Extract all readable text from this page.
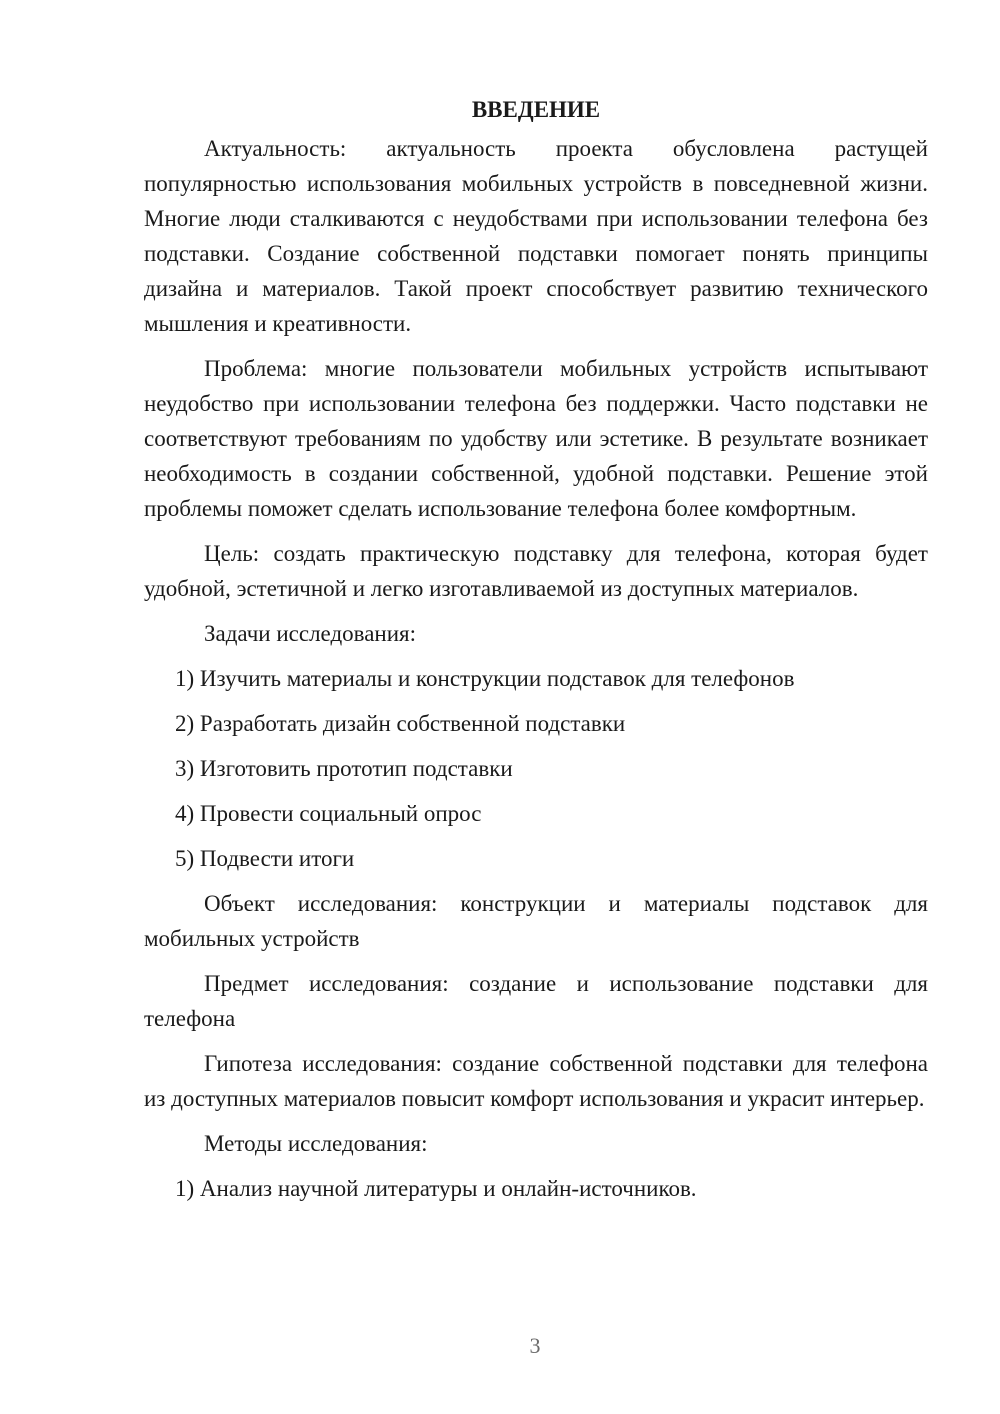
ВВЕДЕНИЕ

Актуальность: актуальность проекта обусловлена растущей популярностью использования мобильных устройств в повседневной жизни. Многие люди сталкиваются с неудобствами при использовании телефона без подставки. Создание собственной подставки помогает понять принципы дизайна и материалов. Такой проект способствует развитию технического мышления и креативности.

Проблема: многие пользователи мобильных устройств испытывают неудобство при использовании телефона без поддержки. Часто подставки не соответствуют требованиям по удобству или эстетике. В результате возникает необходимость в создании собственной, удобной подставки. Решение этой проблемы поможет сделать использование телефона более комфортным.

Цель: создать практическую подставку для телефона, которая будет удобной, эстетичной и легко изготавливаемой из доступных материалов.

Задачи исследования:

1) Изучить материалы и конструкции подставок для телефонов
2) Разработать дизайн собственной подставки
3) Изготовить прототип подставки
4) Провести социальный опрос
5) Подвести итоги

Объект исследования: конструкции и материалы подставок для мобильных устройств

Предмет исследования: создание и использование подставки для телефона

Гипотеза исследования: создание собственной подставки для телефона из доступных материалов повысит комфорт использования и украсит интерьер.

Методы исследования:

1) Анализ научной литературы и онлайн-источников.
3
